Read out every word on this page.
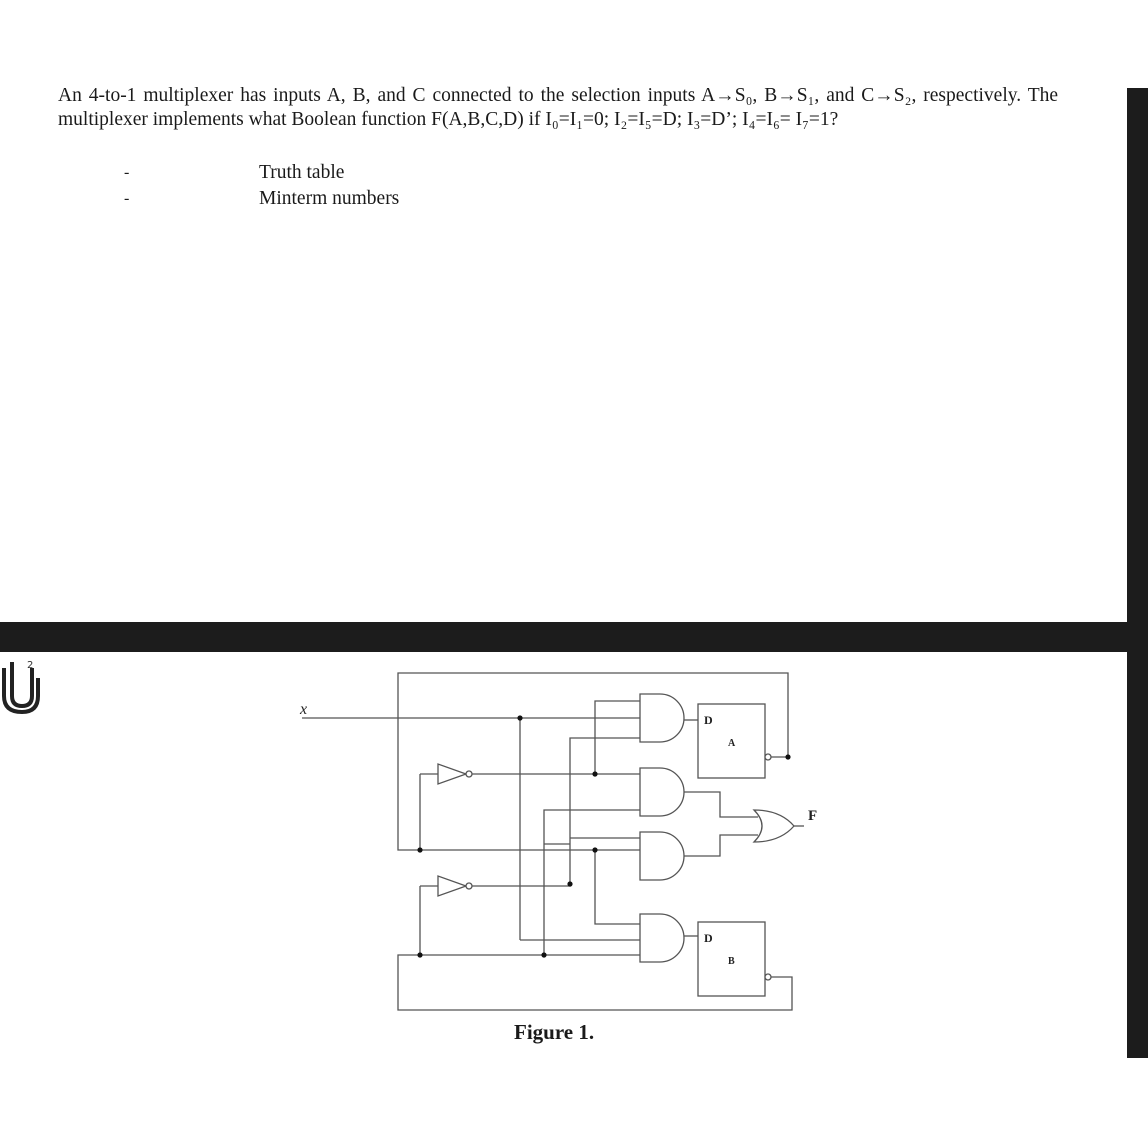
An 4-to-1 multiplexer has inputs A, B, and C connected to the selection inputs A→S₀, B→S₁, and C→S₂, respectively. The multiplexer implements what Boolean function F(A,B,C,D) if I₀=I₁=0; I₂=I₅=D; I₃=D’; I₄=I₆= I₇=1?
-	Truth table
-	Minterm numbers
2
x
F
D
A
D
B
Figure 1.
